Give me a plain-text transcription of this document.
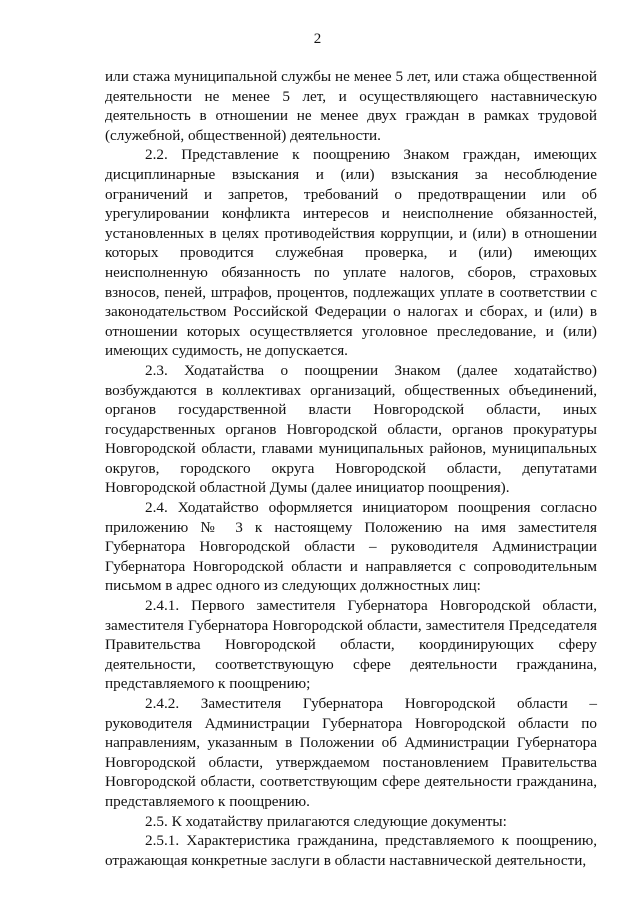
2

или стажа муниципальной службы не менее 5 лет, или стажа общественной деятельности не менее 5 лет, и осуществляющего наставническую деятельность в отношении не менее двух граждан в рамках трудовой (служебной, общественной) деятельности.

2.2. Представление к поощрению Знаком граждан, имеющих дисциплинарные взыскания и (или) взыскания за несоблюдение ограничений и запретов, требований о предотвращении или об урегулировании конфликта интересов и неисполнение обязанностей, установленных в целях противодействия коррупции, и (или) в отношении которых проводится служебная проверка, и (или) имеющих неисполненную обязанность по уплате налогов, сборов, страховых взносов, пеней, штрафов, процентов, подлежащих уплате в соответствии с законодательством Российской Федерации о налогах и сборах, и (или) в отношении которых осуществляется уголовное преследование, и (или) имеющих судимость, не допускается.

2.3. Ходатайства о поощрении Знаком (далее ходатайство) возбуждаются в коллективах организаций, общественных объединений, органов государственной власти Новгородской области, иных государственных органов Новгородской области, органов прокуратуры Новгородской области, главами муниципальных районов, муниципальных округов, городского округа Новгородской области, депутатами Новгородской областной Думы (далее инициатор поощрения).

2.4. Ходатайство оформляется инициатором поощрения согласно приложению № 3 к настоящему Положению на имя заместителя Губернатора Новгородской области – руководителя Администрации Губернатора Новгородской области и направляется с сопроводительным письмом в адрес одного из следующих должностных лиц:

2.4.1. Первого заместителя Губернатора Новгородской области, заместителя Губернатора Новгородской области, заместителя Председателя Правительства Новгородской области, координирующих сферу деятельности, соответствующую сфере деятельности гражданина, представляемого к поощрению;

2.4.2. Заместителя Губернатора Новгородской области – руководителя Администрации Губернатора Новгородской области по направлениям, указанным в Положении об Администрации Губернатора Новгородской области, утверждаемом постановлением Правительства Новгородской области, соответствующим сфере деятельности гражданина, представляемого к поощрению.

2.5. К ходатайству прилагаются следующие документы:

2.5.1. Характеристика гражданина, представляемого к поощрению, отражающая конкретные заслуги в области наставнической деятельности,
